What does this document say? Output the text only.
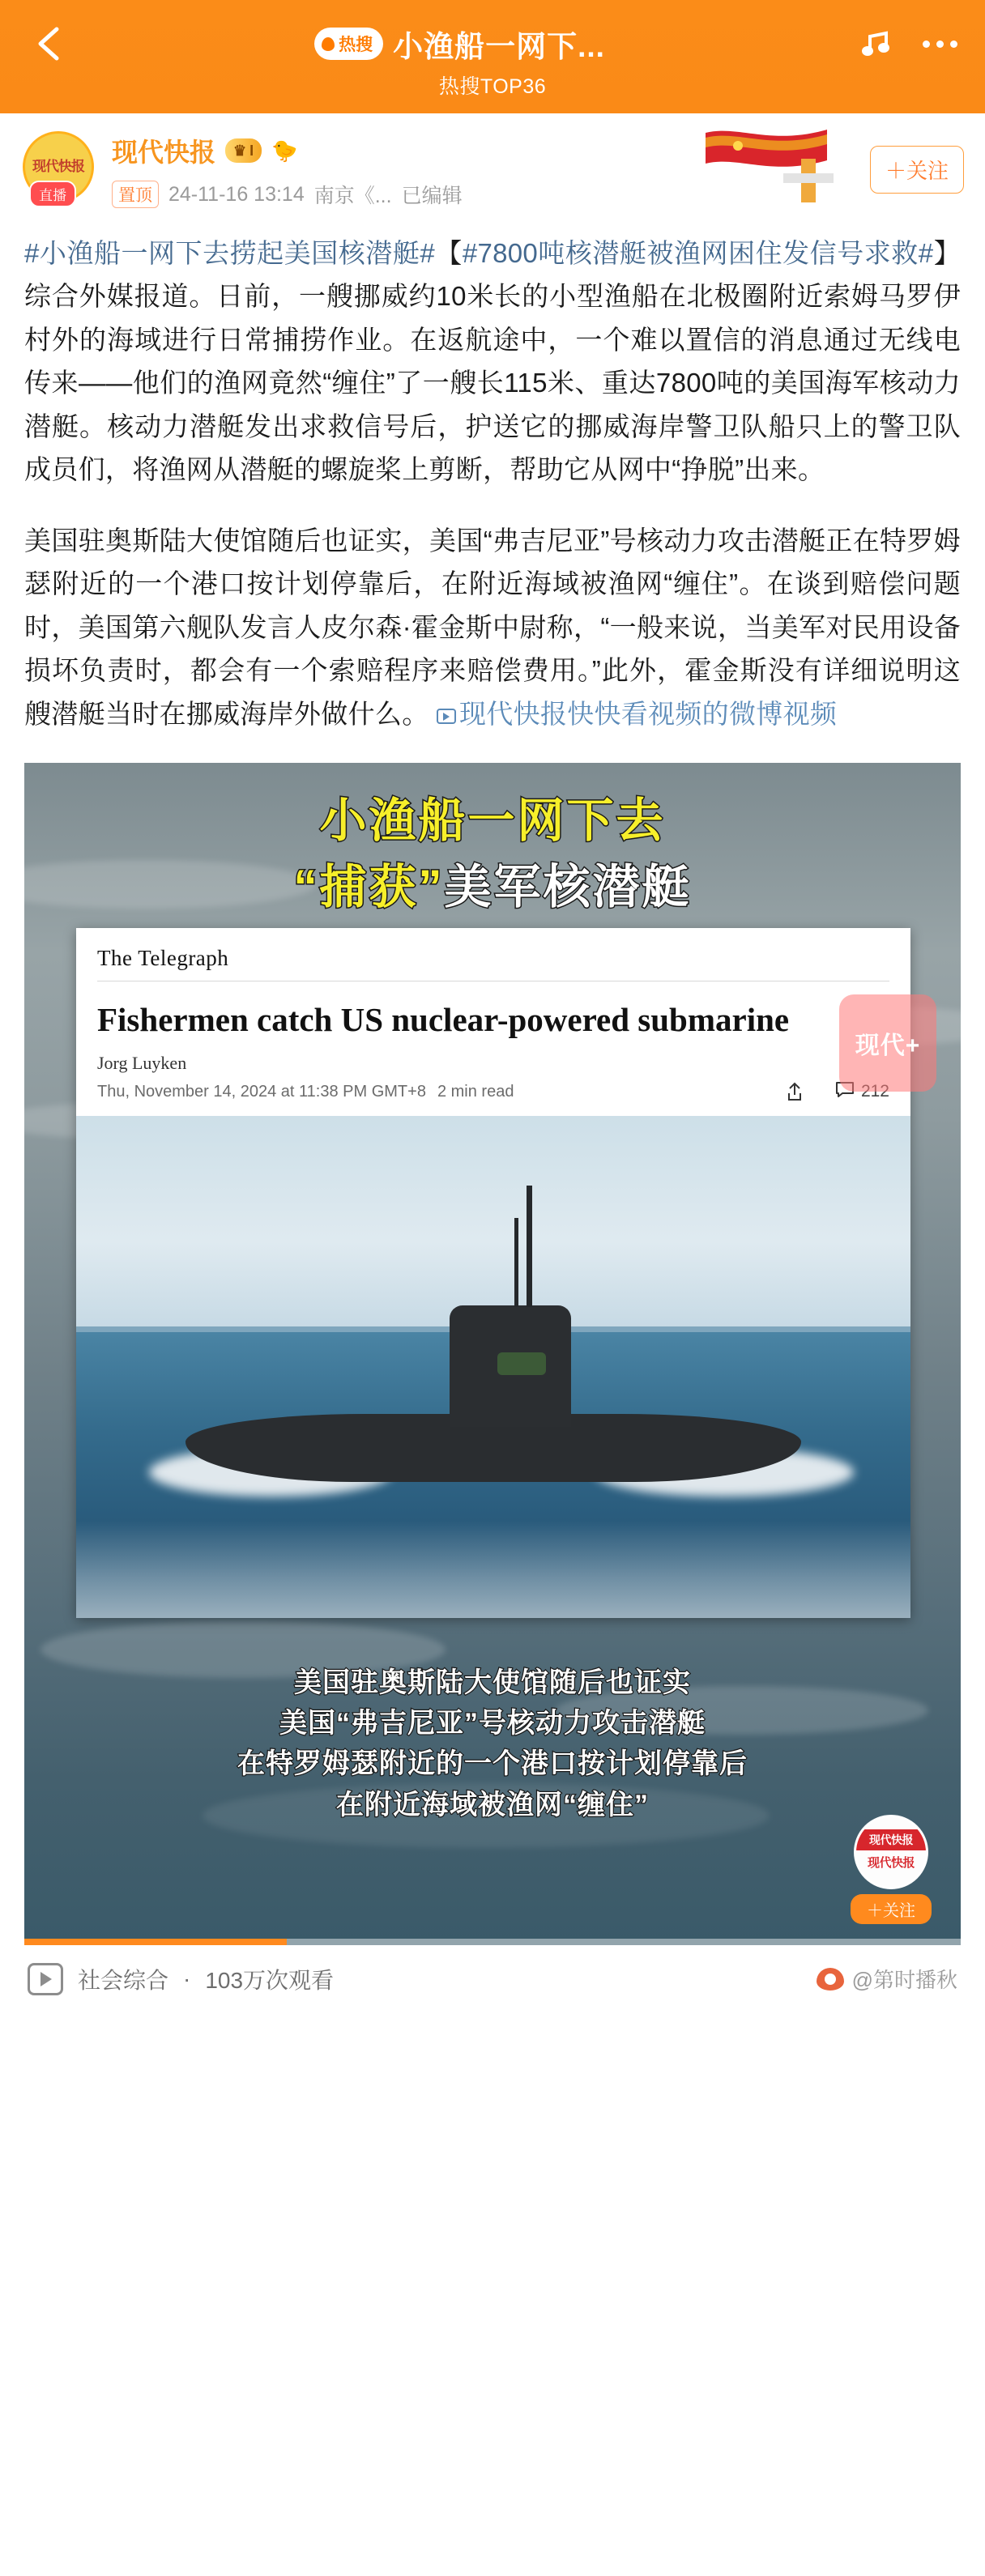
热搜 小渔船一网下...
热搜TOP36
现代快报
直播
现代快报 ♛ I 🐤
置顶 24-11-16 13:14 南京《... 已编辑
＋关注

#小渔船一网下去捞起美国核潜艇#【#7800吨核潜艇被渔网困住发信号求救#】综合外媒报道。日前，一艘挪威约10米长的小型渔船在北极圈附近索姆马罗伊村外的海域进行日常捕捞作业。在返航途中，一个难以置信的消息通过无线电传来——他们的渔网竟然“缠住”了一艘长115米、重达7800吨的美国海军核动力潜艇。核动力潜艇发出求救信号后，护送它的挪威海岸警卫队船只上的警卫队成员们，将渔网从潜艇的螺旋桨上剪断，帮助它从网中“挣脱”出来。

美国驻奥斯陆大使馆随后也证实，美国“弗吉尼亚”号核动力攻击潜艇正在特罗姆瑟附近的一个港口按计划停靠后，在附近海域被渔网“缠住”。在谈到赔偿问题时，美国第六舰队发言人皮尔森·霍金斯中尉称，“一般来说，当美军对民用设备损坏负责时，都会有一个索赔程序来赔偿费用。”此外，霍金斯没有详细说明这艘潜艇当时在挪威海岸外做什么。 现代快报快快看视频的微博视频

小渔船一网下去
“捕获”美军核潜艇
The Telegraph
Fishermen catch US nuclear-powered submarine
Jorg Luyken
Thu, November 14, 2024 at 11:38 PM GMT+8 2 min read
现代+
美国驻奥斯陆大使馆随后也证实
美国“弗吉尼亚”号核动力攻击潜艇
在特罗姆瑟附近的一个港口按计划停靠后
在附近海域被渔网“缠住”
现代快报
现代快报
＋关注
社会综合 · 103万次观看	@第时播秋
